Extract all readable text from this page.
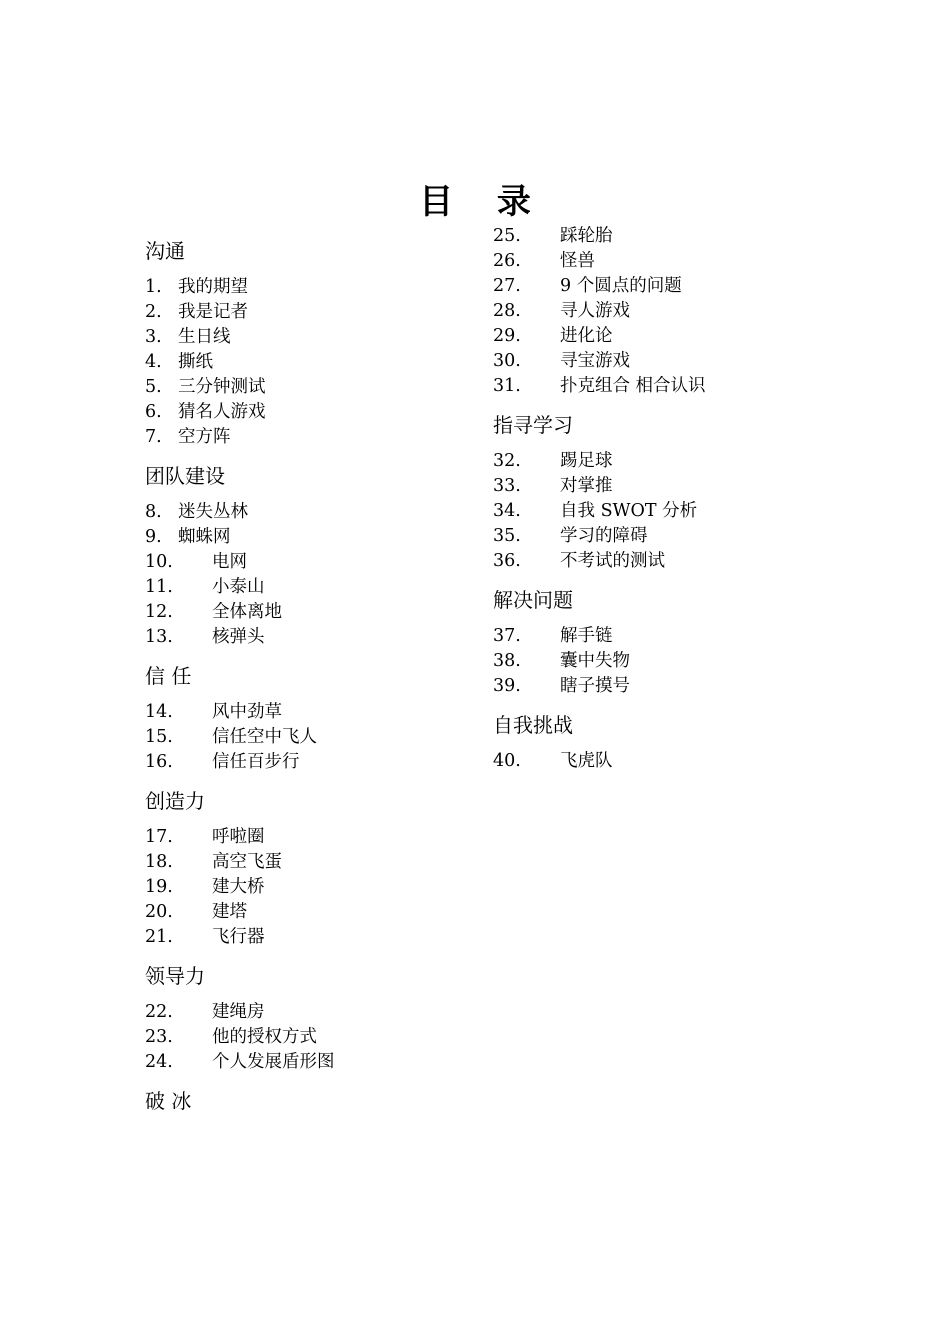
目 录
沟通
1. 我的期望
2. 我是记者
3. 生日线
4. 撕纸
5. 三分钟测试
6. 猜名人游戏
7. 空方阵
团队建设
8. 迷失丛林
9. 蜘蛛网
10. 电网
11. 小泰山
12. 全体离地
13. 核弹头
信 任
14. 风中劲草
15. 信任空中飞人
16. 信任百步行
创造力
17. 呼啦圈
18. 高空飞蛋
19. 建大桥
20. 建塔
21. 飞行器
领导力
22. 建绳房
23. 他的授权方式
24. 个人发展盾形图
破 冰
25. 踩轮胎
26. 怪兽
27. 9 个圆点的问题
28. 寻人游戏
29. 进化论
30. 寻宝游戏
31. 扑克组合 相合认识
指寻学习
32. 踢足球
33. 对掌推
34. 自我 SWOT 分析
35. 学习的障碍
36. 不考试的测试
解决问题
37. 解手链
38. 囊中失物
39. 瞎子摸号
自我挑战
40. 飞虎队
